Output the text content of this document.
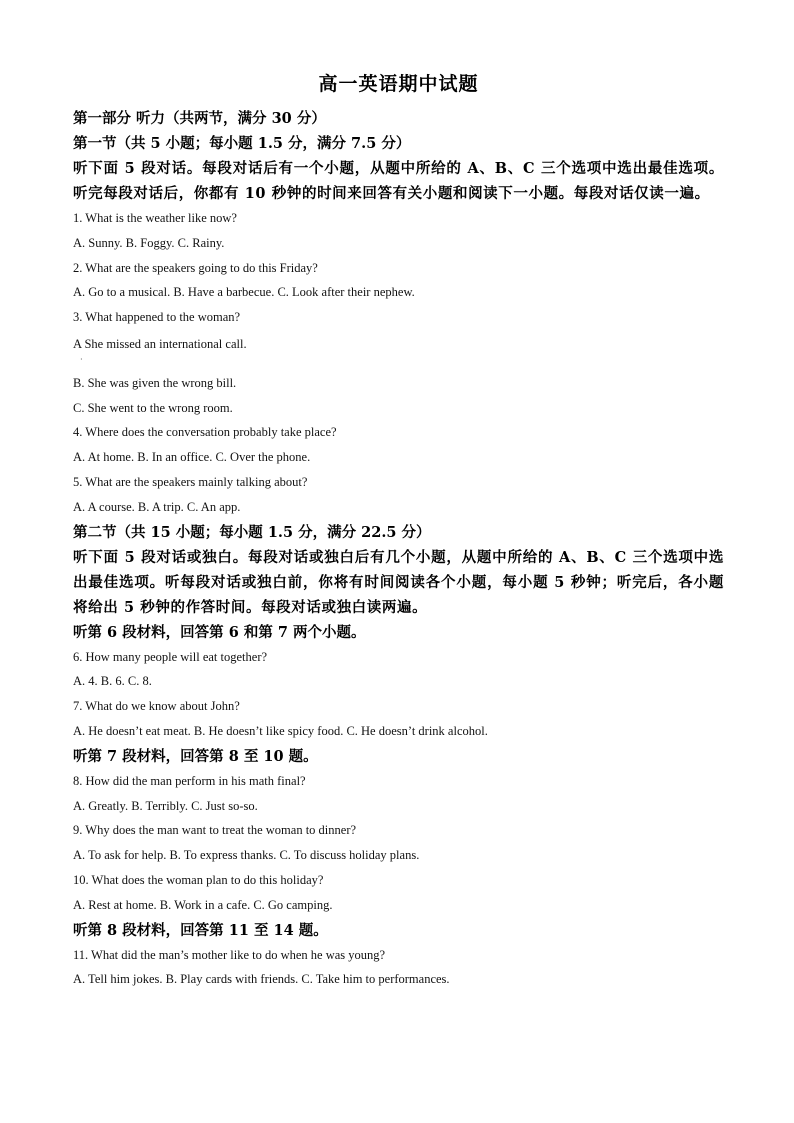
高一英语期中试题
第一部分 听力（共两节，满分 30 分）
第一节（共 5 小题；每小题 1.5 分，满分 7.5 分）
听下面 5 段对话。每段对话后有一个小题，从题中所给的 A、B、C 三个选项中选出最佳选项。听完每段对话后，你都有 10 秒钟的时间来回答有关小题和阅读下一小题。每段对话仅读一遍。
1. What is the weather like now?
A. Sunny. B. Foggy. C. Rainy.
2. What are the speakers going to do this Friday?
A. Go to a musical. B. Have a barbecue. C. Look after their nephew.
3. What happened to the woman?
A She missed an international call.
·
B. She was given the wrong bill.
C. She went to the wrong room.
4. Where does the conversation probably take place?
A. At home. B. In an office. C. Over the phone.
5. What are the speakers mainly talking about?
A. A course. B. A trip. C. An app.
第二节（共 15 小题；每小题 1.5 分，满分 22.5 分）
听下面 5 段对话或独白。每段对话或独白后有几个小题，从题中所给的 A、B、C 三个选项中选出最佳选项。听每段对话或独白前，你将有时间阅读各个小题，每小题 5 秒钟；听完后，各小题将给出 5 秒钟的作答时间。每段对话或独白读两遍。
听第 6 段材料，回答第 6 和第 7 两个小题。
6. How many people will eat together?
A. 4. B. 6. C. 8.
7. What do we know about John?
A. He doesn’t eat meat. B. He doesn’t like spicy food. C. He doesn’t drink alcohol.
听第 7 段材料，回答第 8 至 10 题。
8. How did the man perform in his math final?
A. Greatly. B. Terribly. C. Just so-so.
9. Why does the man want to treat the woman to dinner?
A. To ask for help. B. To express thanks. C. To discuss holiday plans.
10. What does the woman plan to do this holiday?
A. Rest at home. B. Work in a cafe. C. Go camping.
听第 8 段材料，回答第 11 至 14 题。
11. What did the man’s mother like to do when he was young?
A. Tell him jokes. B. Play cards with friends. C. Take him to performances.
